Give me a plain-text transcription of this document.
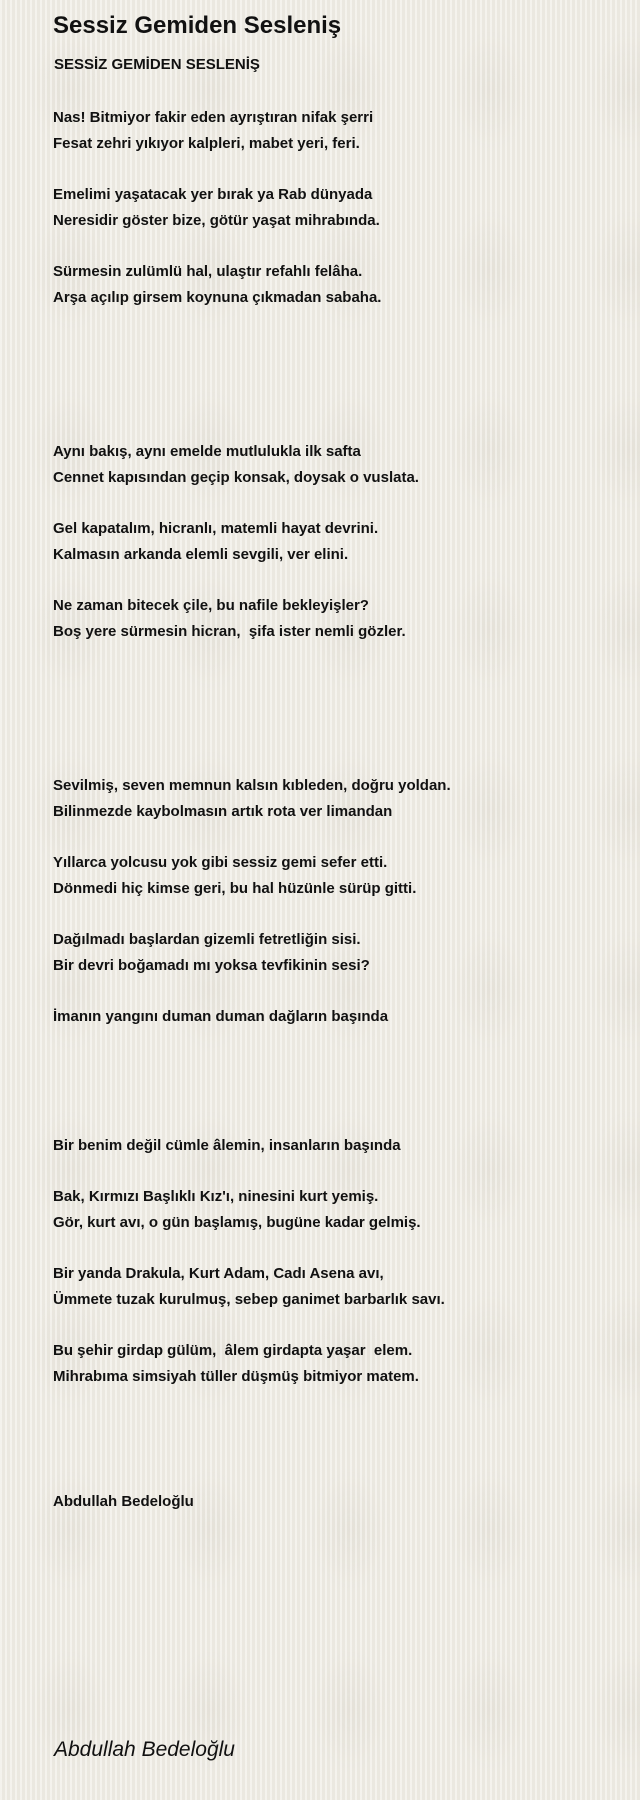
Sessiz Gemiden Sesleniş
SESSİZ GEMİDEN SESLENİŞ
Nas! Bitmiyor fakir eden ayrıştıran nifak şerri
Fesat zehri yıkıyor kalpleri, mabet yeri, feri.
Emelimi yaşatacak yer bırak ya Rab dünyada
Neresidir göster bize, götür yaşat mihrabında.
Sürmesin zulümlü hal, ulaştır refahlı felâha.
Arşa açılıp girsem koynuna çıkmadan sabaha.
Aynı bakış, aynı emelde mutlulukla ilk safta
Cennet kapısından geçip konsak, doysak o vuslata.
Gel kapatalım, hicranlı, matemli hayat devrini.
Kalmasın arkanda elemli sevgili, ver elini.
Ne zaman bitecek çile, bu nafile bekleyişler?
Boş yere sürmesin hicran,  şifa ister nemli gözler.
Sevilmiş, seven memnun kalsın kıbleden, doğru yoldan.
Bilinmezde kaybolmasın artık rota ver limandan
Yıllarca yolcusu yok gibi sessiz gemi sefer etti.
Dönmedi hiç kimse geri, bu hal hüzünle sürüp gitti.
Dağılmadı başlardan gizemli fetretliğin sisi.
Bir devri boğamadı mı yoksa tevfikinin sesi?
İmanın yangını duman duman dağların başında
Bir benim değil cümle âlemin, insanların başında
Bak, Kırmızı Başlıklı Kız'ı, ninesini kurt yemiş.
Gör, kurt avı, o gün başlamış, bugüne kadar gelmiş.
Bir yanda Drakula, Kurt Adam, Cadı Asena avı,
Ümmete tuzak kurulmuş, sebep ganimet barbarlık savı.
Bu şehir girdap gülüm,  âlem girdapta yaşar  elem.
Mihrabıma simsiyah tüller düşmüş bitmiyor matem.
Abdullah Bedeloğlu
Abdullah Bedeloğlu
